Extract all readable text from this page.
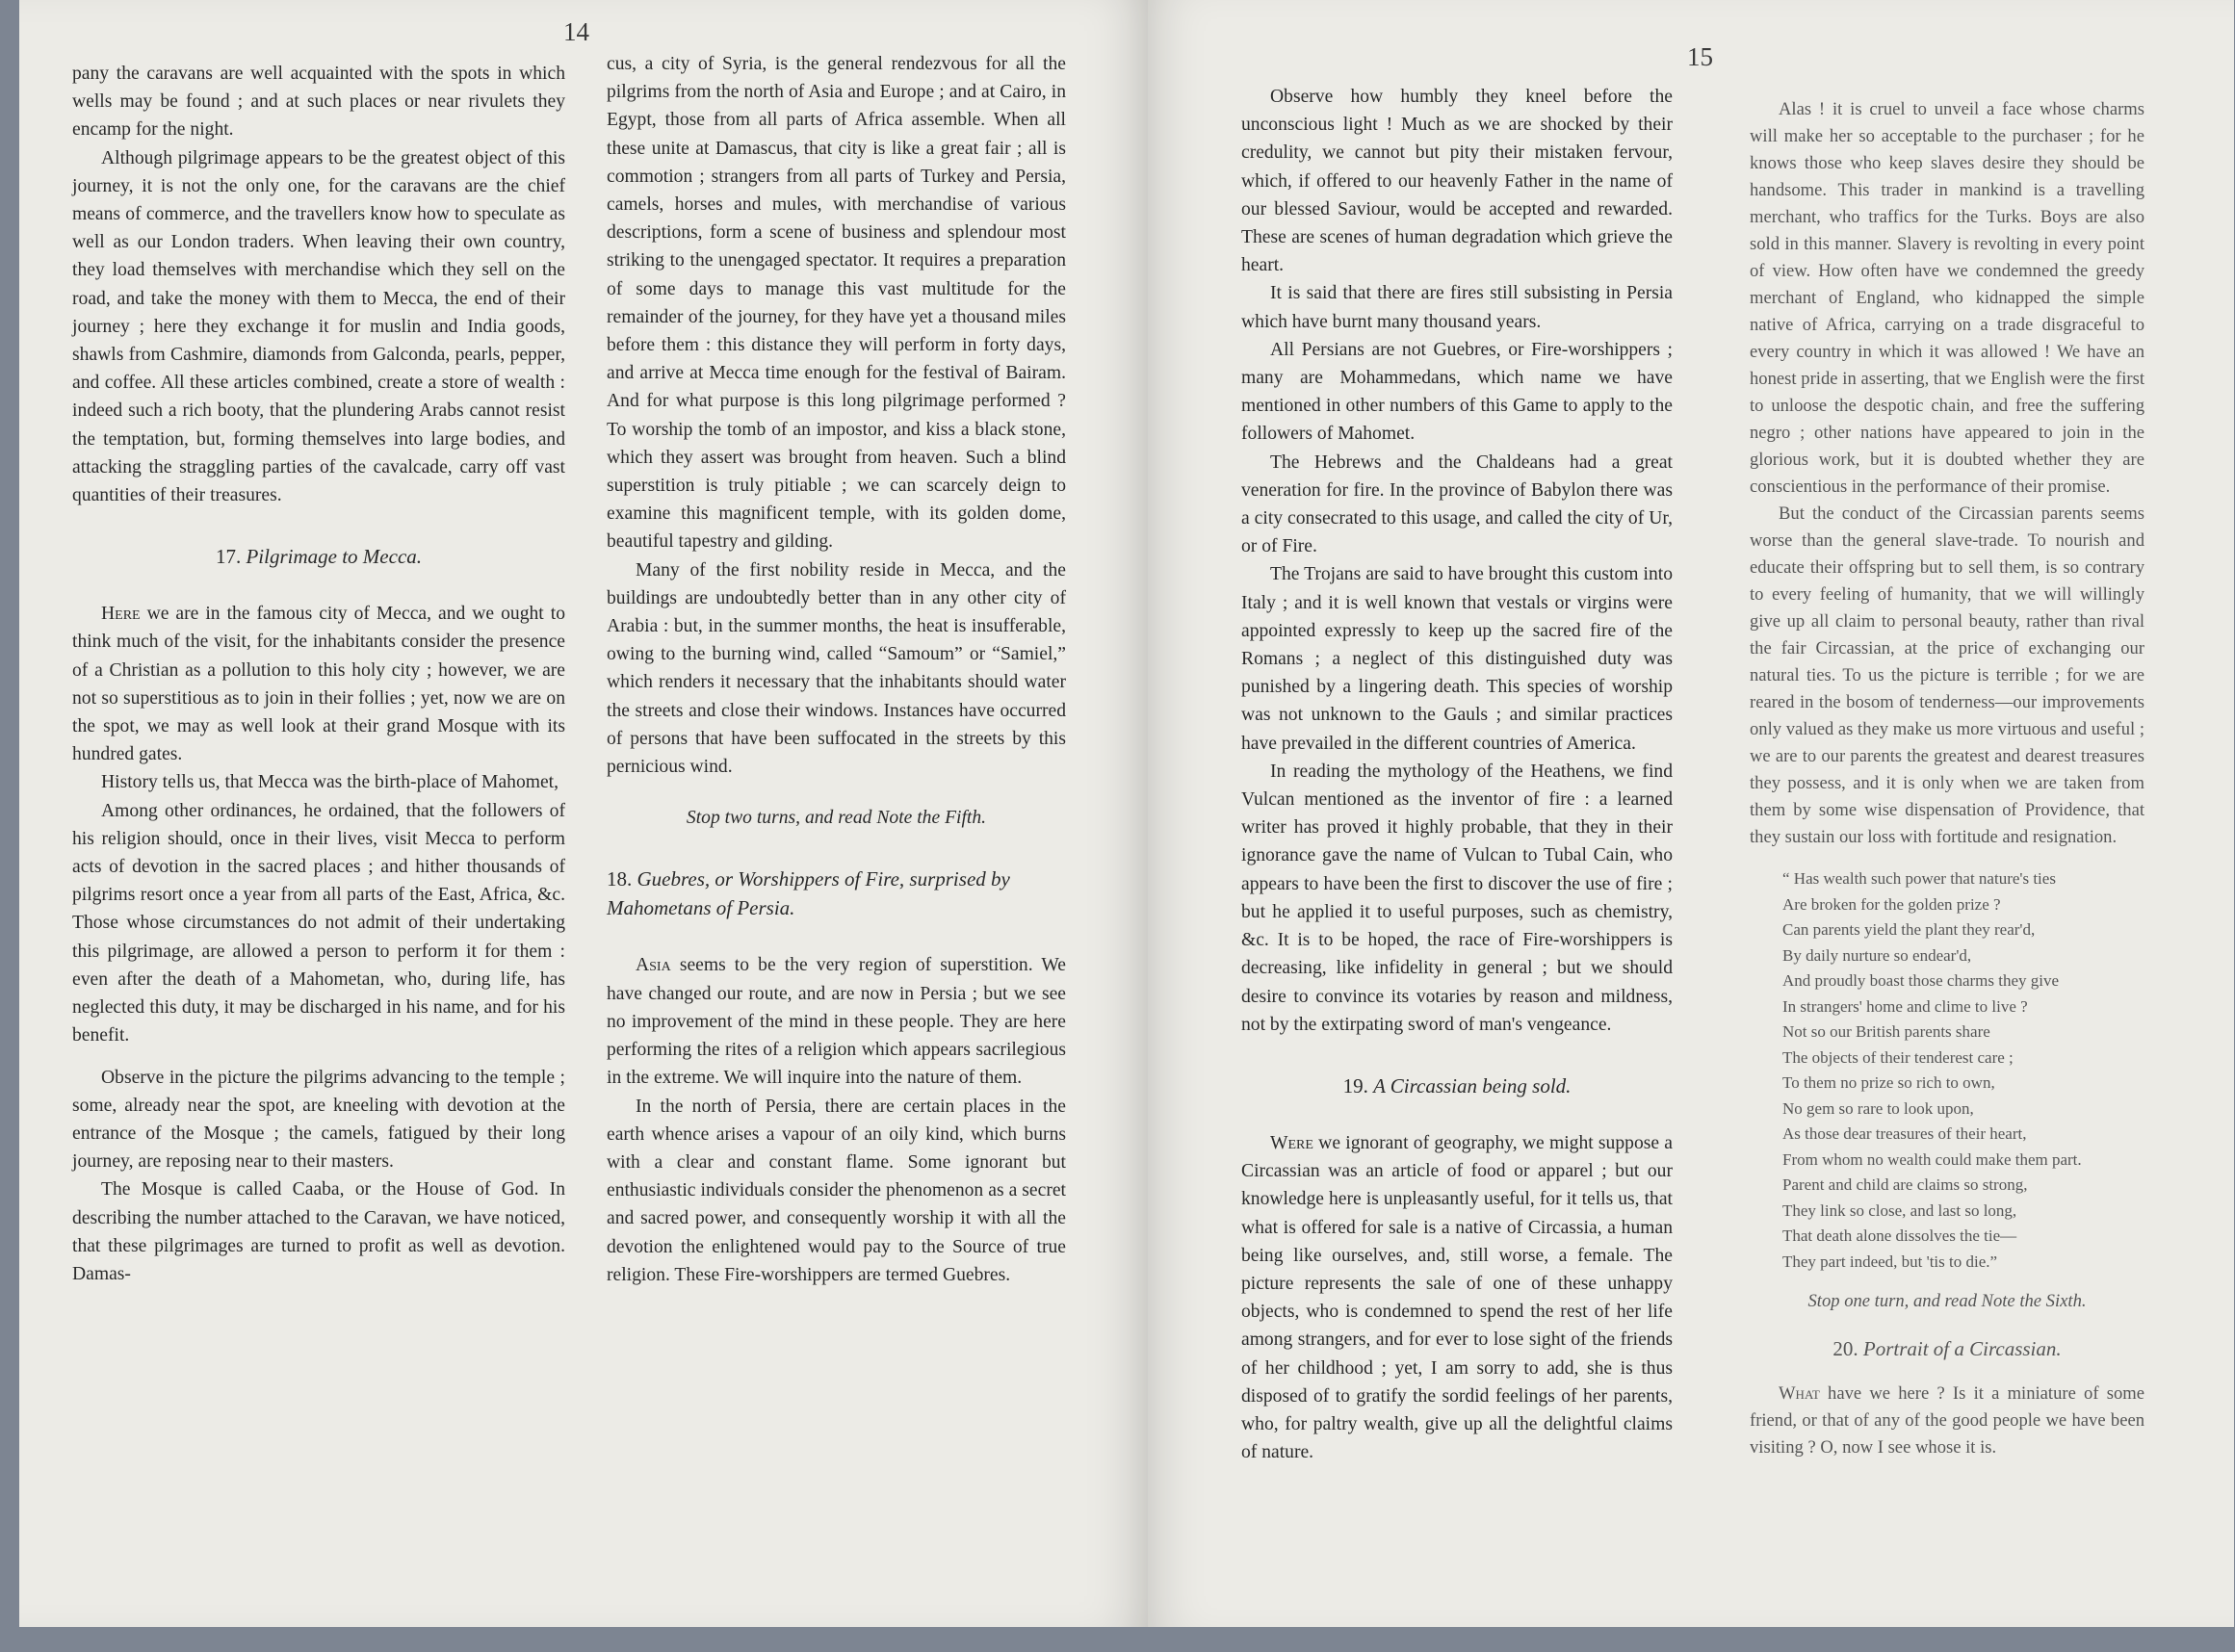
14

pany the caravans are well acquainted with the spots in which wells may be found ; and at such places or near rivulets they encamp for the night.

Although pilgrimage appears to be the greatest object of this journey, it is not the only one, for the caravans are the chief means of commerce, and the travellers know how to speculate as well as our London traders. When leaving their own country, they load themselves with merchandise which they sell on the road, and take the money with them to Mecca, the end of their journey ; here they exchange it for muslin and India goods, shawls from Cashmire, diamonds from Galconda, pearls, pepper, and coffee. All these articles combined, create a store of wealth : indeed such a rich booty, that the plundering Arabs cannot resist the temptation, but, forming themselves into large bodies, and attacking the straggling parties of the cavalcade, carry off vast quantities of their treasures.

17. Pilgrimage to Mecca.

Here we are in the famous city of Mecca, and we ought to think much of the visit, for the inhabitants consider the presence of a Christian as a pollution to this holy city ; however, we are not so superstitious as to join in their follies ; yet, now we are on the spot, we may as well look at their grand Mosque with its hundred gates.

History tells us, that Mecca was the birth-place of Mahomet,

Among other ordinances, he ordained, that the followers of his religion should, once in their lives, visit Mecca to perform acts of devotion in the sacred places ; and hither thousands of pilgrims resort once a year from all parts of the East, Africa, &c. Those whose circumstances do not admit of their undertaking this pilgrimage, are allowed a person to perform it for them : even after the death of a Mahometan, who, during life, has neglected this duty, it may be discharged in his name, and for his benefit.

Observe in the picture the pilgrims advancing to the temple ; some, already near the spot, are kneeling with devotion at the entrance of the Mosque ; the camels, fatigued by their long journey, are reposing near to their masters.

The Mosque is called Caaba, or the House of God. In describing the number attached to the Caravan, we have noticed, that these pilgrimages are turned to profit as well as devotion. Damas-

cus, a city of Syria, is the general rendezvous for all the pilgrims from the north of Asia and Europe ; and at Cairo, in Egypt, those from all parts of Africa assemble. When all these unite at Damascus, that city is like a great fair ; all is commotion ; strangers from all parts of Turkey and Persia, camels, horses and mules, with merchandise of various descriptions, form a scene of business and splendour most striking to the unengaged spectator. It requires a preparation of some days to manage this vast multitude for the remainder of the journey, for they have yet a thousand miles before them : this distance they will perform in forty days, and arrive at Mecca time enough for the festival of Bairam. And for what purpose is this long pilgrimage performed ? To worship the tomb of an impostor, and kiss a black stone, which they assert was brought from heaven. Such a blind superstition is truly pitiable ; we can scarcely deign to examine this magnificent temple, with its golden dome, beautiful tapestry and gilding.

Many of the first nobility reside in Mecca, and the buildings are undoubtedly better than in any other city of Arabia : but, in the summer months, the heat is insufferable, owing to the burning wind, called “Samoum” or “Samiel,” which renders it necessary that the inhabitants should water the streets and close their windows. Instances have occurred of persons that have been suffocated in the streets by this pernicious wind.

Stop two turns, and read Note the Fifth.

18. Guebres, or Worshippers of Fire, surprised by Mahometans of Persia.

Asia seems to be the very region of superstition. We have changed our route, and are now in Persia ; but we see no improvement of the mind in these people. They are here performing the rites of a religion which appears sacrilegious in the extreme. We will inquire into the nature of them.

In the north of Persia, there are certain places in the earth whence arises a vapour of an oily kind, which burns with a clear and constant flame. Some ignorant but enthusiastic individuals consider the phenomenon as a secret and sacred power, and consequently worship it with all the devotion the enlightened would pay to the Source of true religion. These Fire-worshippers are termed Guebres.

15

Observe how humbly they kneel before the unconscious light ! Much as we are shocked by their credulity, we cannot but pity their mistaken fervour, which, if offered to our heavenly Father in the name of our blessed Saviour, would be accepted and rewarded. These are scenes of human degradation which grieve the heart.

It is said that there are fires still subsisting in Persia which have burnt many thousand years.

All Persians are not Guebres, or Fire-worshippers ; many are Mohammedans, which name we have mentioned in other numbers of this Game to apply to the followers of Mahomet.

The Hebrews and the Chaldeans had a great veneration for fire. In the province of Babylon there was a city consecrated to this usage, and called the city of Ur, or of Fire.

The Trojans are said to have brought this custom into Italy ; and it is well known that vestals or virgins were appointed expressly to keep up the sacred fire of the Romans ; a neglect of this distinguished duty was punished by a lingering death. This species of worship was not unknown to the Gauls ; and similar practices have prevailed in the different countries of America.

In reading the mythology of the Heathens, we find Vulcan mentioned as the inventor of fire : a learned writer has proved it highly probable, that they in their ignorance gave the name of Vulcan to Tubal Cain, who appears to have been the first to discover the use of fire ; but he applied it to useful purposes, such as chemistry, &c. It is to be hoped, the race of Fire-worshippers is decreasing, like infidelity in general ; but we should desire to convince its votaries by reason and mildness, not by the extirpating sword of man's vengeance.

19. A Circassian being sold.

Were we ignorant of geography, we might suppose a Circassian was an article of food or apparel ; but our knowledge here is unpleasantly useful, for it tells us, that what is offered for sale is a native of Circassia, a human being like ourselves, and, still worse, a female. The picture represents the sale of one of these unhappy objects, who is condemned to spend the rest of her life among strangers, and for ever to lose sight of the friends of her childhood ; yet, I am sorry to add, she is thus disposed of to gratify the sordid feelings of her parents, who, for paltry wealth, give up all the delightful claims of nature.

Alas ! it is cruel to unveil a face whose charms will make her so acceptable to the purchaser ; for he knows those who keep slaves desire they should be handsome. This trader in mankind is a travelling merchant, who traffics for the Turks. Boys are also sold in this manner. Slavery is revolting in every point of view. How often have we condemned the greedy merchant of England, who kidnapped the simple native of Africa, carrying on a trade disgraceful to every country in which it was allowed ! We have an honest pride in asserting, that we English were the first to unloose the despotic chain, and free the suffering negro ; other nations have appeared to join in the glorious work, but it is doubted whether they are conscientious in the performance of their promise.

But the conduct of the Circassian parents seems worse than the general slave-trade. To nourish and educate their offspring but to sell them, is so contrary to every feeling of humanity, that we will willingly give up all claim to personal beauty, rather than rival the fair Circassian, at the price of exchanging our natural ties. To us the picture is terrible ; for we are reared in the bosom of tenderness—our improvements only valued as they make us more virtuous and useful ; we are to our parents the greatest and dearest treasures they possess, and it is only when we are taken from them by some wise dispensation of Providence, that they sustain our loss with fortitude and resignation.

“ Has wealth such power that nature's ties
Are broken for the golden prize ?
Can parents yield the plant they rear'd,
By daily nurture so endear'd,
And proudly boast those charms they give
In strangers' home and clime to live ?
Not so our British parents share
The objects of their tenderest care ;
To them no prize so rich to own,
No gem so rare to look upon,
As those dear treasures of their heart,
From whom no wealth could make them part.
Parent and child are claims so strong,
They link so close, and last so long,
That death alone dissolves the tie—
They part indeed, but 'tis to die.”

Stop one turn, and read Note the Sixth.

20. Portrait of a Circassian.

What have we here ? Is it a miniature of some friend, or that of any of the good people we have been visiting ? O, now I see whose it is.
